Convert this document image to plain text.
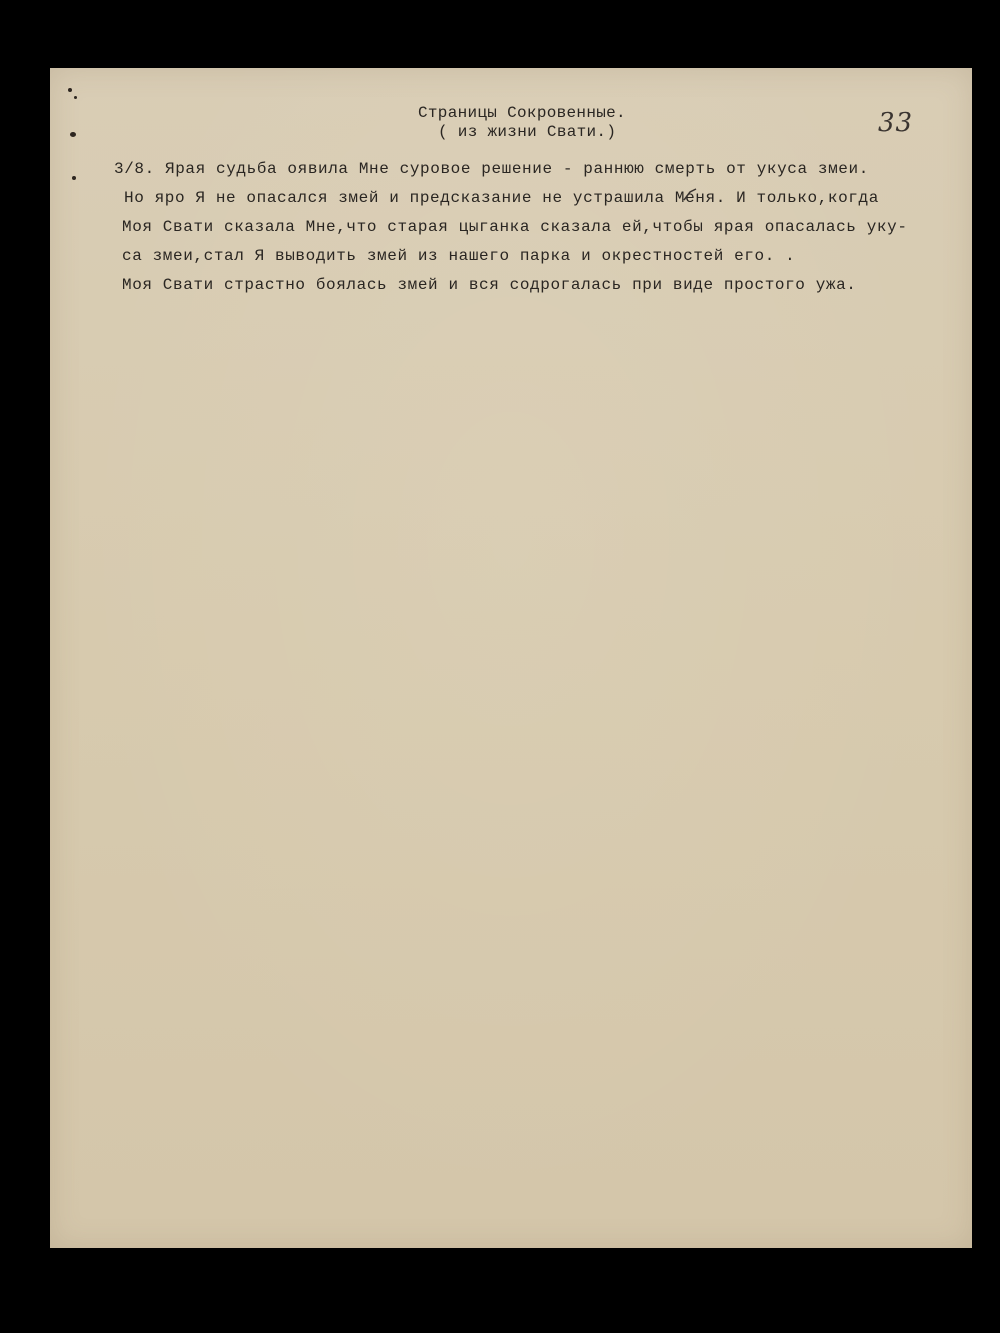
Страницы Сокровенные.
( из жизни Свати.)	33
3/8. Ярая судьба оявила Мне суровое решение - раннюю смерть от укуса змеи.
Но яро Я не опасался змей и предсказание не устрашила Меня. И только,когда
Моя Свати сказала Мне,что старая цыганка сказала ей,чтобы ярая опасалась уку-
са змеи,стал Я выводить змей из нашего парка и окрестностей его. .
Моя Свати страстно боялась змей и вся содрогалась при виде простого ужа.
